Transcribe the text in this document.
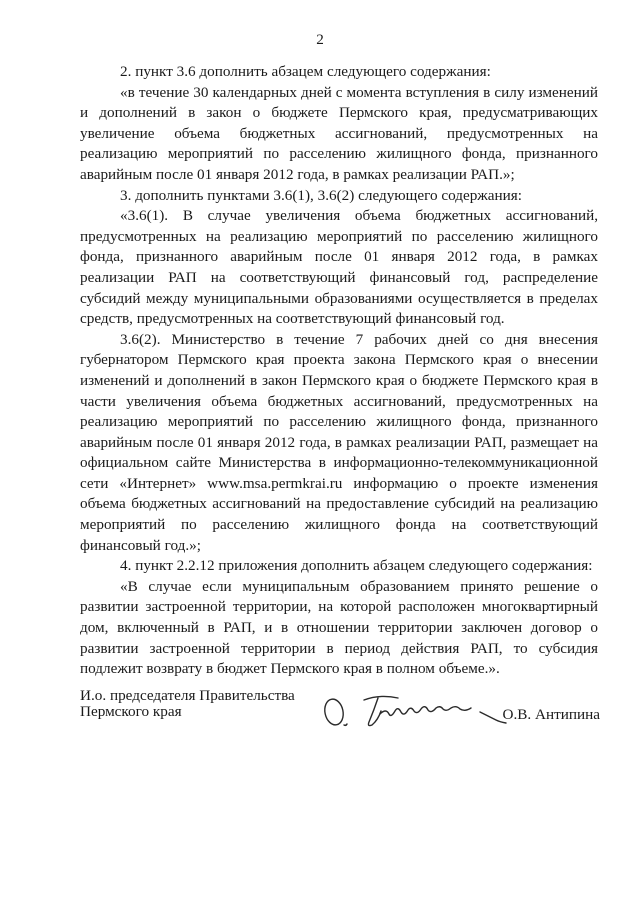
2

2. пункт 3.6 дополнить абзацем следующего содержания:

«в течение 30 календарных дней с момента вступления в силу изменений и дополнений в закон о бюджете Пермского края, предусматривающих увеличение объема бюджетных ассигнований, предусмотренных на реализацию мероприятий по расселению жилищного фонда, признанного аварийным после 01 января 2012 года, в рамках реализации РАП.»;

3. дополнить пунктами 3.6(1), 3.6(2) следующего содержания:

«3.6(1). В случае увеличения объема бюджетных ассигнований, предусмотренных на реализацию мероприятий по расселению жилищного фонда, признанного аварийным после 01 января 2012 года, в рамках реализации РАП на соответствующий финансовый год, распределение субсидий между муниципальными образованиями осуществляется в пределах средств, предусмотренных на соответствующий финансовый год.

3.6(2). Министерство в течение 7 рабочих дней со дня внесения губернатором Пермского края проекта закона Пермского края о внесении изменений и дополнений в закон Пермского края о бюджете Пермского края в части увеличения объема бюджетных ассигнований, предусмотренных на реализацию мероприятий по расселению жилищного фонда, признанного аварийным после 01 января 2012 года, в рамках реализации РАП, размещает на официальном сайте Министерства в информационно-телекоммуникационной сети «Интернет» www.msa.permkrai.ru информацию о проекте изменения объема бюджетных ассигнований на предоставление субсидий на реализацию мероприятий по расселению жилищного фонда на соответствующий финансовый год.»;

4. пункт 2.2.12 приложения дополнить абзацем следующего содержания:

«В случае если муниципальным образованием принято решение о развитии застроенной территории, на которой расположен многоквартирный дом, включенный в РАП, и в отношении территории заключен договор о развитии застроенной территории в период действия РАП, то субсидия подлежит возврату в бюджет Пермского края в полном объеме.».

И.о. председателя Правительства
Пермского края	О.В. Антипина
